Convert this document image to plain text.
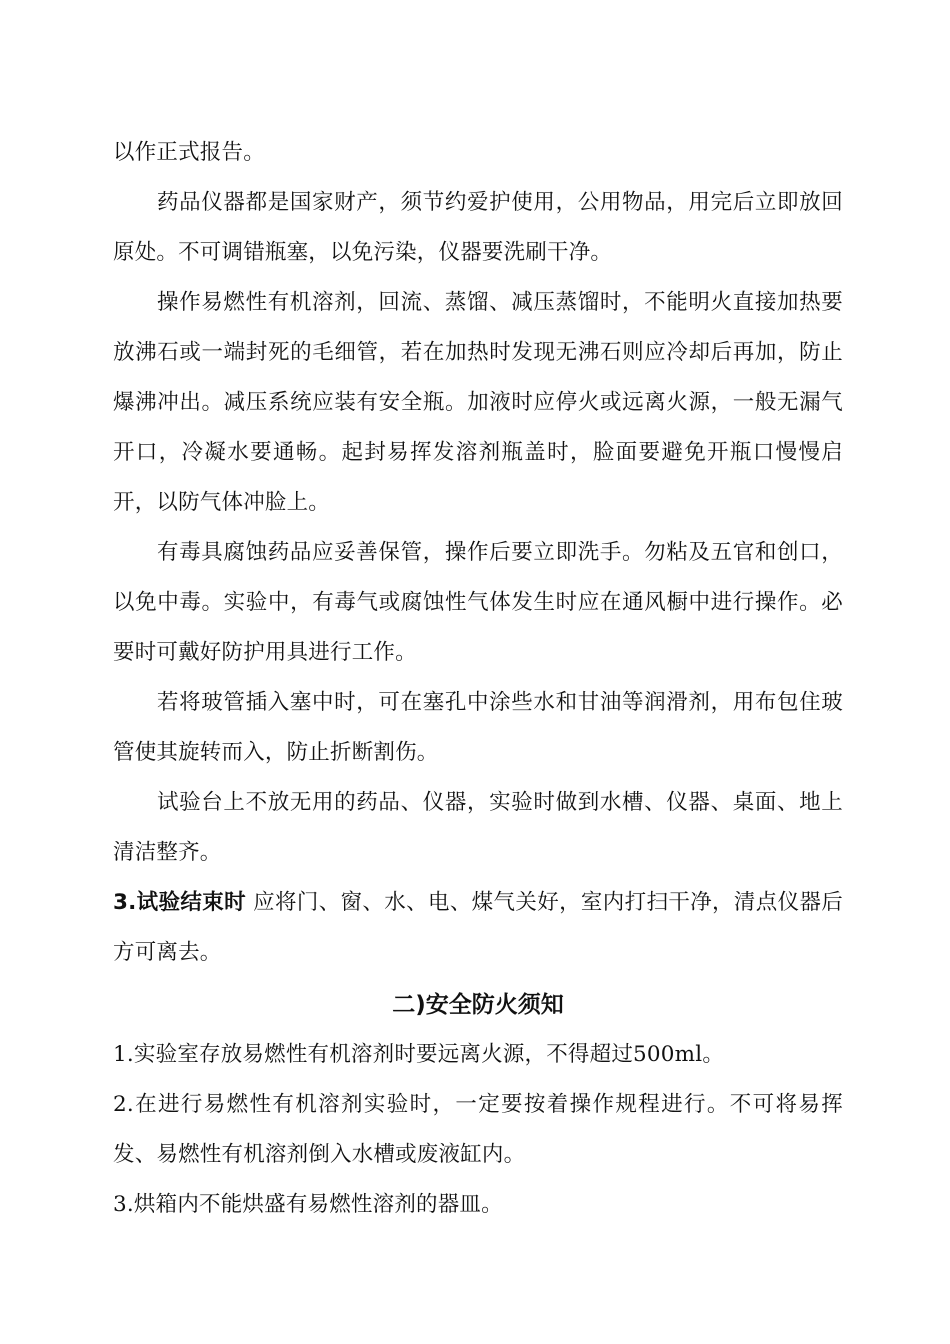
以作正式报告。

药品仪器都是国家财产，须节约爱护使用，公用物品，用完后立即放回原处。不可调错瓶塞，以免污染，仪器要洗刷干净。

操作易燃性有机溶剂，回流、蒸馏、减压蒸馏时，不能明火直接加热要放沸石或一端封死的毛细管，若在加热时发现无沸石则应冷却后再加，防止爆沸冲出。减压系统应装有安全瓶。加液时应停火或远离火源，一般无漏气开口，冷凝水要通畅。起封易挥发溶剂瓶盖时，脸面要避免开瓶口慢慢启开，以防气体冲脸上。

有毒具腐蚀药品应妥善保管，操作后要立即洗手。勿粘及五官和创口，以免中毒。实验中，有毒气或腐蚀性气体发生时应在通风橱中进行操作。必要时可戴好防护用具进行工作。

若将玻管插入塞中时，可在塞孔中涂些水和甘油等润滑剂，用布包住玻管使其旋转而入，防止折断割伤。

试验台上不放无用的药品、仪器，实验时做到水槽、仪器、桌面、地上清洁整齐。

3.试验结束时 应将门、窗、水、电、煤气关好，室内打扫干净，清点仪器后方可离去。

二)安全防火须知

1.实验室存放易燃性有机溶剂时要远离火源，不得超过500ml。

2.在进行易燃性有机溶剂实验时，一定要按着操作规程进行。不可将易挥发、易燃性有机溶剂倒入水槽或废液缸内。

3.烘箱内不能烘盛有易燃性溶剂的器皿。
